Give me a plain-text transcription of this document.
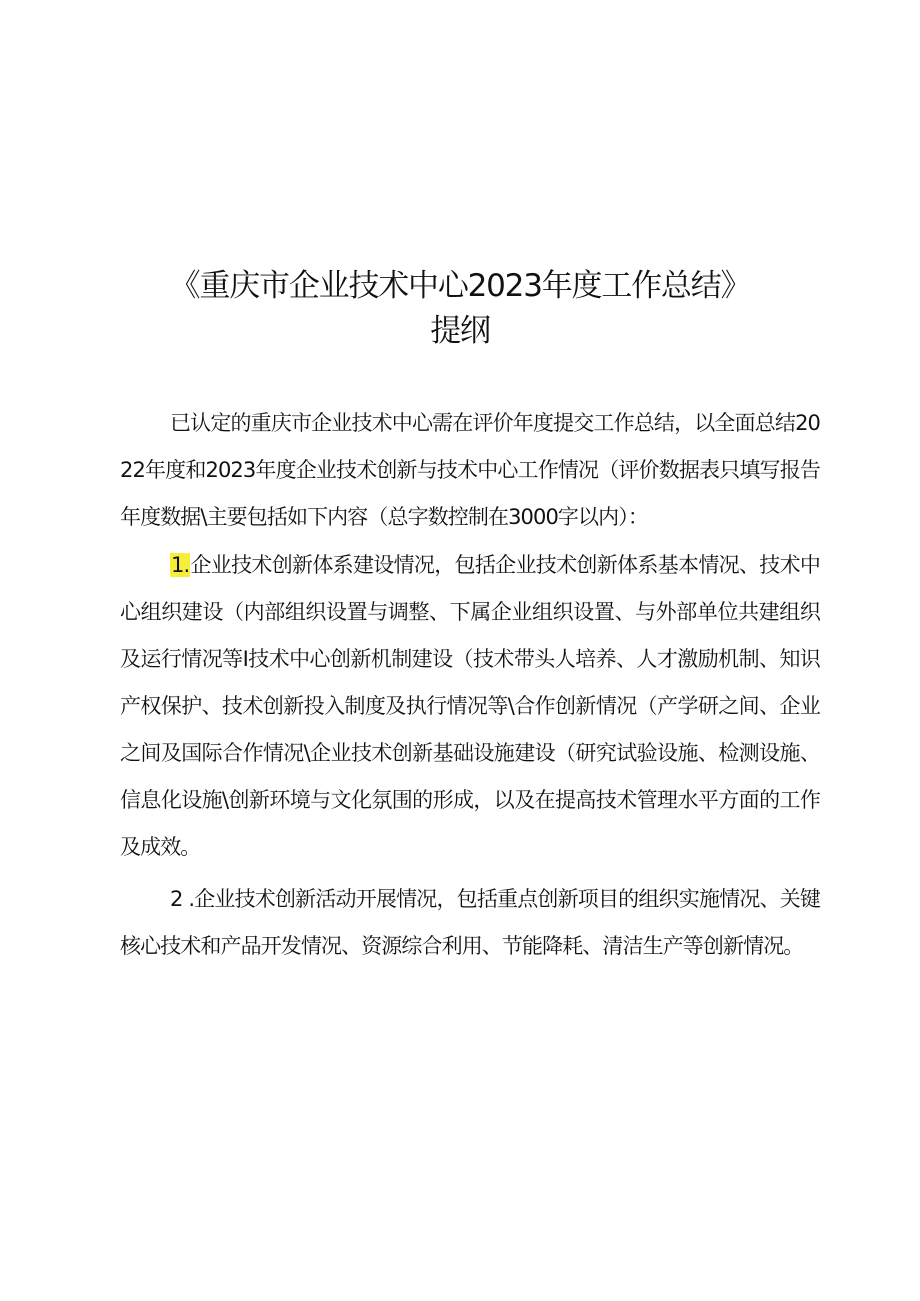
《重庆市企业技术中心2023年度工作总结》
提纲

已认定的重庆市企业技术中心需在评价年度提交工作总结，以全面总结2022年度和2023年度企业技术创新与技术中心工作情况（评价数据表只填写报告年度数据\主要包括如下内容（总字数控制在3000字以内）：

1.企业技术创新体系建设情况，包括企业技术创新体系基本情况、技术中心组织建设（内部组织设置与调整、下属企业组织设置、与外部单位共建组织及运行情况等I技术中心创新机制建设（技术带头人培养、人才激励机制、知识产权保护、技术创新投入制度及执行情况等\合作创新情况（产学研之间、企业之间及国际合作情况\企业技术创新基础设施建设（研究试验设施、检测设施、信息化设施\创新环境与文化氛围的形成，以及在提高技术管理水平方面的工作及成效。

2 .企业技术创新活动开展情况，包括重点创新项目的组织实施情况、关键核心技术和产品开发情况、资源综合利用、节能降耗、清洁生产等创新情况。
